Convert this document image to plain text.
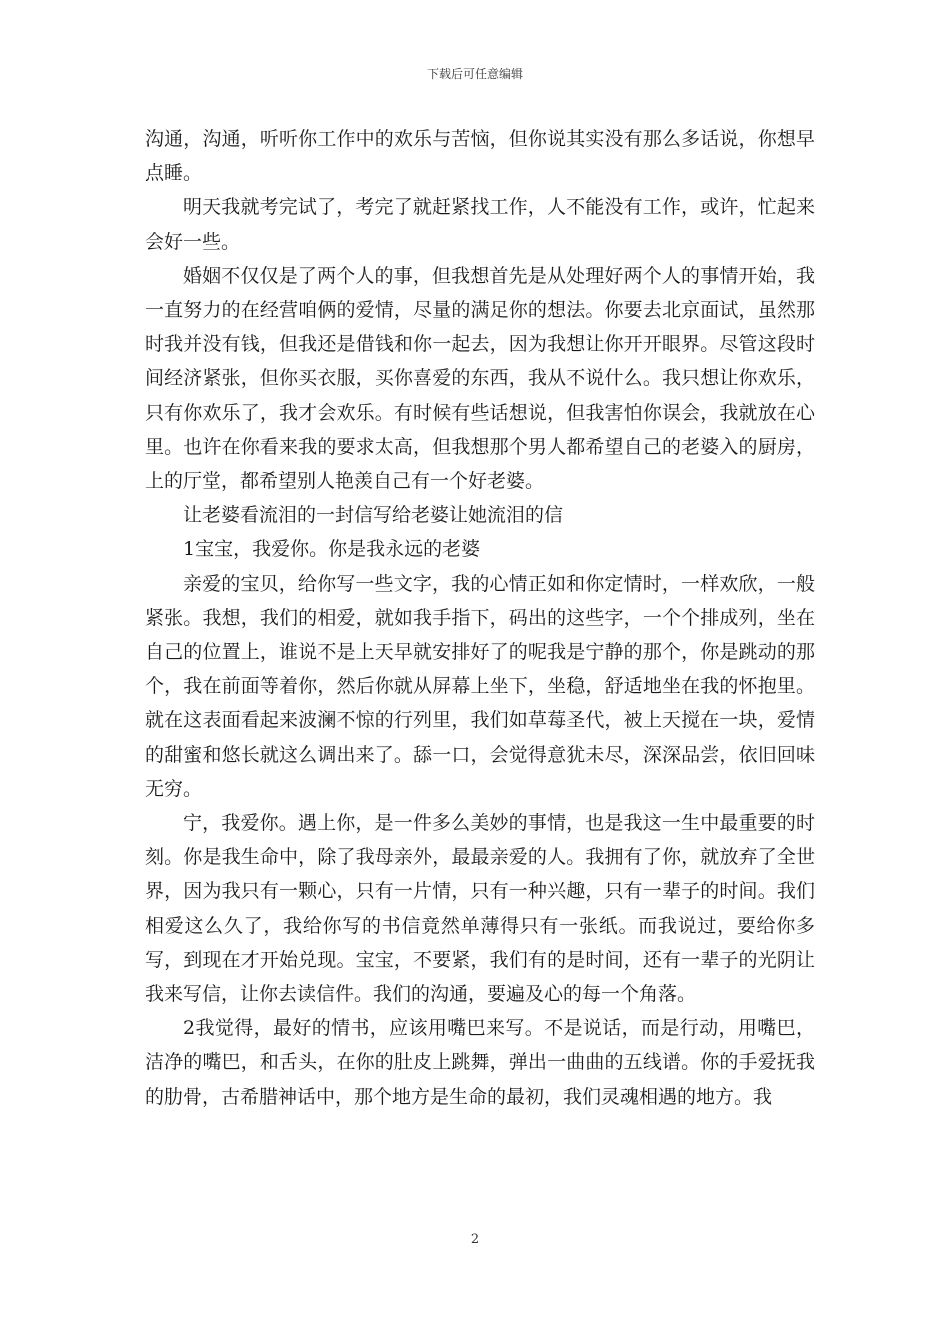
下载后可任意编辑

沟通，沟通，听听你工作中的欢乐与苦恼，但你说其实没有那么多话说，你想早点睡。

明天我就考完试了，考完了就赶紧找工作，人不能没有工作，或许，忙起来会好一些。

婚姻不仅仅是了两个人的事，但我想首先是从处理好两个人的事情开始，我一直努力的在经营咱俩的爱情，尽量的满足你的想法。你要去北京面试，虽然那时我并没有钱，但我还是借钱和你一起去，因为我想让你开开眼界。尽管这段时间经济紧张，但你买衣服，买你喜爱的东西，我从不说什么。我只想让你欢乐，只有你欢乐了，我才会欢乐。有时候有些话想说，但我害怕你误会，我就放在心里。也许在你看来我的要求太高，但我想那个男人都希望自己的老婆入的厨房，上的厅堂，都希望别人艳羡自己有一个好老婆。

让老婆看流泪的一封信写给老婆让她流泪的信

1宝宝，我爱你。你是我永远的老婆

亲爱的宝贝，给你写一些文字，我的心情正如和你定情时，一样欢欣，一般紧张。我想，我们的相爱，就如我手指下，码出的这些字，一个个排成列，坐在自己的位置上，谁说不是上天早就安排好了的呢我是宁静的那个，你是跳动的那个，我在前面等着你，然后你就从屏幕上坐下，坐稳，舒适地坐在我的怀抱里。就在这表面看起来波澜不惊的行列里，我们如草莓圣代，被上天搅在一块，爱情的甜蜜和悠长就这么调出来了。舔一口，会觉得意犹未尽，深深品尝，依旧回味无穷。

宁，我爱你。遇上你，是一件多么美妙的事情，也是我这一生中最重要的时刻。你是我生命中，除了我母亲外，最最亲爱的人。我拥有了你，就放弃了全世界，因为我只有一颗心，只有一片情，只有一种兴趣，只有一辈子的时间。我们相爱这么久了，我给你写的书信竟然单薄得只有一张纸。而我说过，要给你多写，到现在才开始兑现。宝宝，不要紧，我们有的是时间，还有一辈子的光阴让我来写信，让你去读信件。我们的沟通，要遍及心的每一个角落。

2我觉得，最好的情书，应该用嘴巴来写。不是说话，而是行动，用嘴巴，洁净的嘴巴，和舌头，在你的肚皮上跳舞，弹出一曲曲的五线谱。你的手爱抚我的肋骨，古希腊神话中，那个地方是生命的最初，我们灵魂相遇的地方。我

2
